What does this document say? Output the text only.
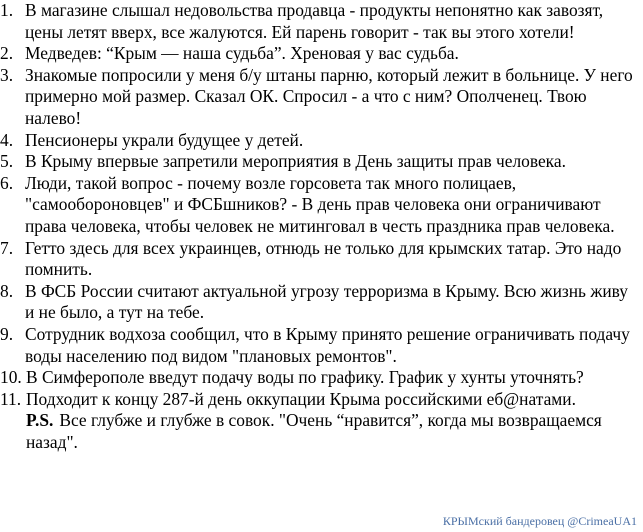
1. В магазине слышал недовольства продавца - продукты непонятно как завозят, цены летят вверх, все жалуются. Ей парень говорит - так вы этого хотели!
2. Медведев: “Крым — наша судьба”. Хреновая у вас судьба.
3. Знакомые попросили у меня б/у штаны парню, который лежит в больнице. У него примерно мой размер. Сказал ОК. Спросил - а что с ним? Ополченец. Твою налево!
4. Пенсионеры украли будущее у детей.
5. В Крыму впервые запретили мероприятия в День защиты прав человека.
6. Люди, такой вопрос - почему возле горсовета так много полицаев, "самообороновцев" и ФСБшников? - В день прав человека они ограничивают права человека, чтобы человек не митинговал в честь праздника прав человека.
7. Гетто здесь для всех украинцев, отнюдь не только для крымских татар. Это надо помнить.
8. В ФСБ России считают актуальной угрозу терроризма в Крыму. Всю жизнь живу и не было, а тут на тебе.
9. Сотрудник водхоза сообщил, что в Крыму принято решение ограничивать подачу воды населению под видом "плановых ремонтов".
10. В Симферополе введут подачу воды по графику. График у хунты уточнять?
11. Подходит к концу 287-й день оккупации Крыма российскими еб@натами.
P.S. Все глубже и глубже в совок. "Очень “нравится”, когда мы возвращаемся назад".
КРЫМский бандеровец @CrimeaUA1
